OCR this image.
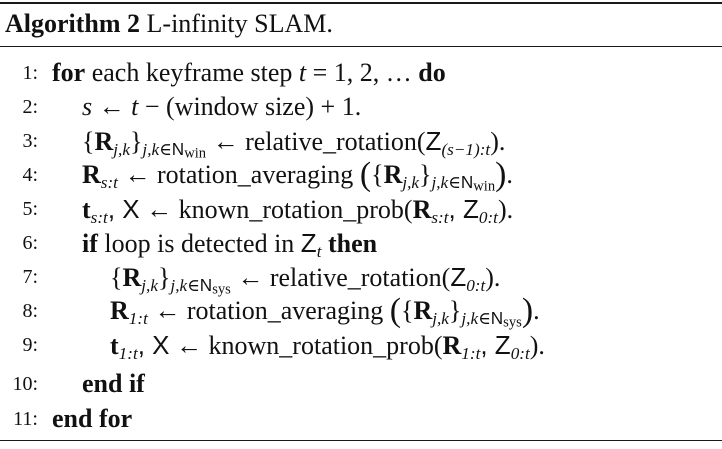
Algorithm 2 L-infinity SLAM.
1: for each keyframe step t = 1, 2, … do
2: s ← t − (window size) + 1.
3: $\{R_{j,k}\}_{j,k\in N_{win}}$ ← $relative\_rotation(Z_{(s-1):t})$.
4: $R_{s:t}$ ← rotation_averaging $(\{R_{j,k}\}_{j,k\in N_{win}})$.
5: $t_{s:t}$, X ← $known\_rotation\_prob(R_{s:t}$, $Z_{0:t}$).
6: if loop is detected in $Z_t$ then
7:	$\{R_{j,k}\}_{j,k\in N_{sys}}$ ← $relative\_rotation(Z_{0:t})$.
8:	$R_{1:t}$ ← rotation_averaging $(\{R_{j,k}\}_{j,k\in N_{sys}})$.
9:	$t_{1:t}$, X ← $known\_rotation\_prob(R_{1:t}$, $Z_{0:t}$).
10: end if
11: end for
